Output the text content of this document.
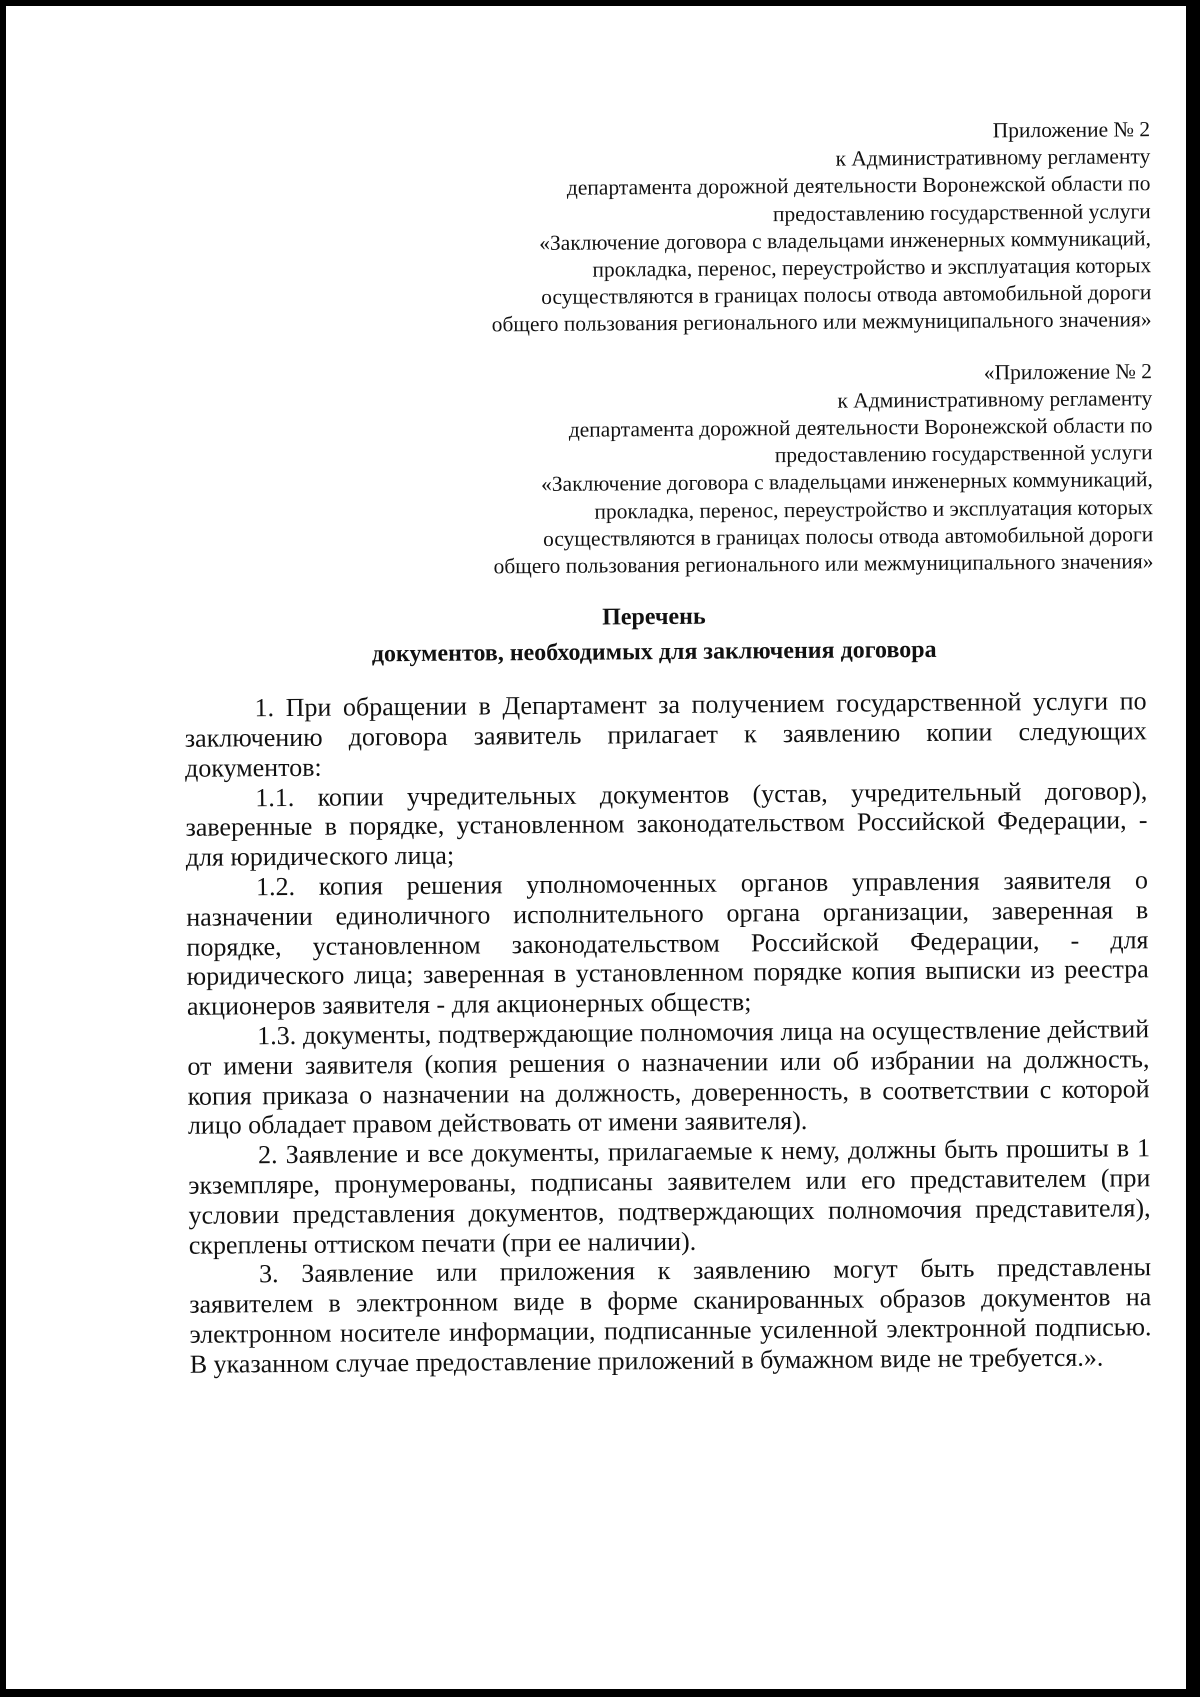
Приложение № 2
к Административному регламенту
департамента дорожной деятельности Воронежской области по
предоставлению государственной услуги
«Заключение договора с владельцами инженерных коммуникаций,
прокладка, перенос, переустройство и эксплуатация которых
осуществляются в границах полосы отвода автомобильной дороги
общего пользования регионального или межмуниципального значения»
«Приложение № 2
к Административному регламенту
департамента дорожной деятельности Воронежской области по
предоставлению государственной услуги
«Заключение договора с владельцами инженерных коммуникаций,
прокладка, перенос, переустройство и эксплуатация которых
осуществляются в границах полосы отвода автомобильной дороги
общего пользования регионального или межмуниципального значения»
Перечень
документов, необходимых для заключения договора

1. При обращении в Департамент за получением государственной услуги по заключению договора заявитель прилагает к заявлению копии следующих документов:

1.1. копии учредительных документов (устав, учредительный договор), заверенные в порядке, установленном законодательством Российской Федерации, - для юридического лица;

1.2. копия решения уполномоченных органов управления заявителя о назначении единоличного исполнительного органа организации, заверенная в порядке, установленном законодательством Российской Федерации, - для юридического лица; заверенная в установленном порядке копия выписки из реестра акционеров заявителя - для акционерных обществ;

1.3. документы, подтверждающие полномочия лица на осуществление действий от имени заявителя (копия решения о назначении или об избрании на должность, копия приказа о назначении на должность, доверенность, в соответствии с которой лицо обладает правом действовать от имени заявителя).

2. Заявление и все документы, прилагаемые к нему, должны быть прошиты в 1 экземпляре, пронумерованы, подписаны заявителем или его представителем (при условии представления документов, подтверждающих полномочия представителя), скреплены оттиском печати (при ее наличии).

3. Заявление или приложения к заявлению могут быть представлены заявителем в электронном виде в форме сканированных образов документов на электронном носителе информации, подписанные усиленной электронной подписью. В указанном случае предоставление приложений в бумажном виде не требуется.».
